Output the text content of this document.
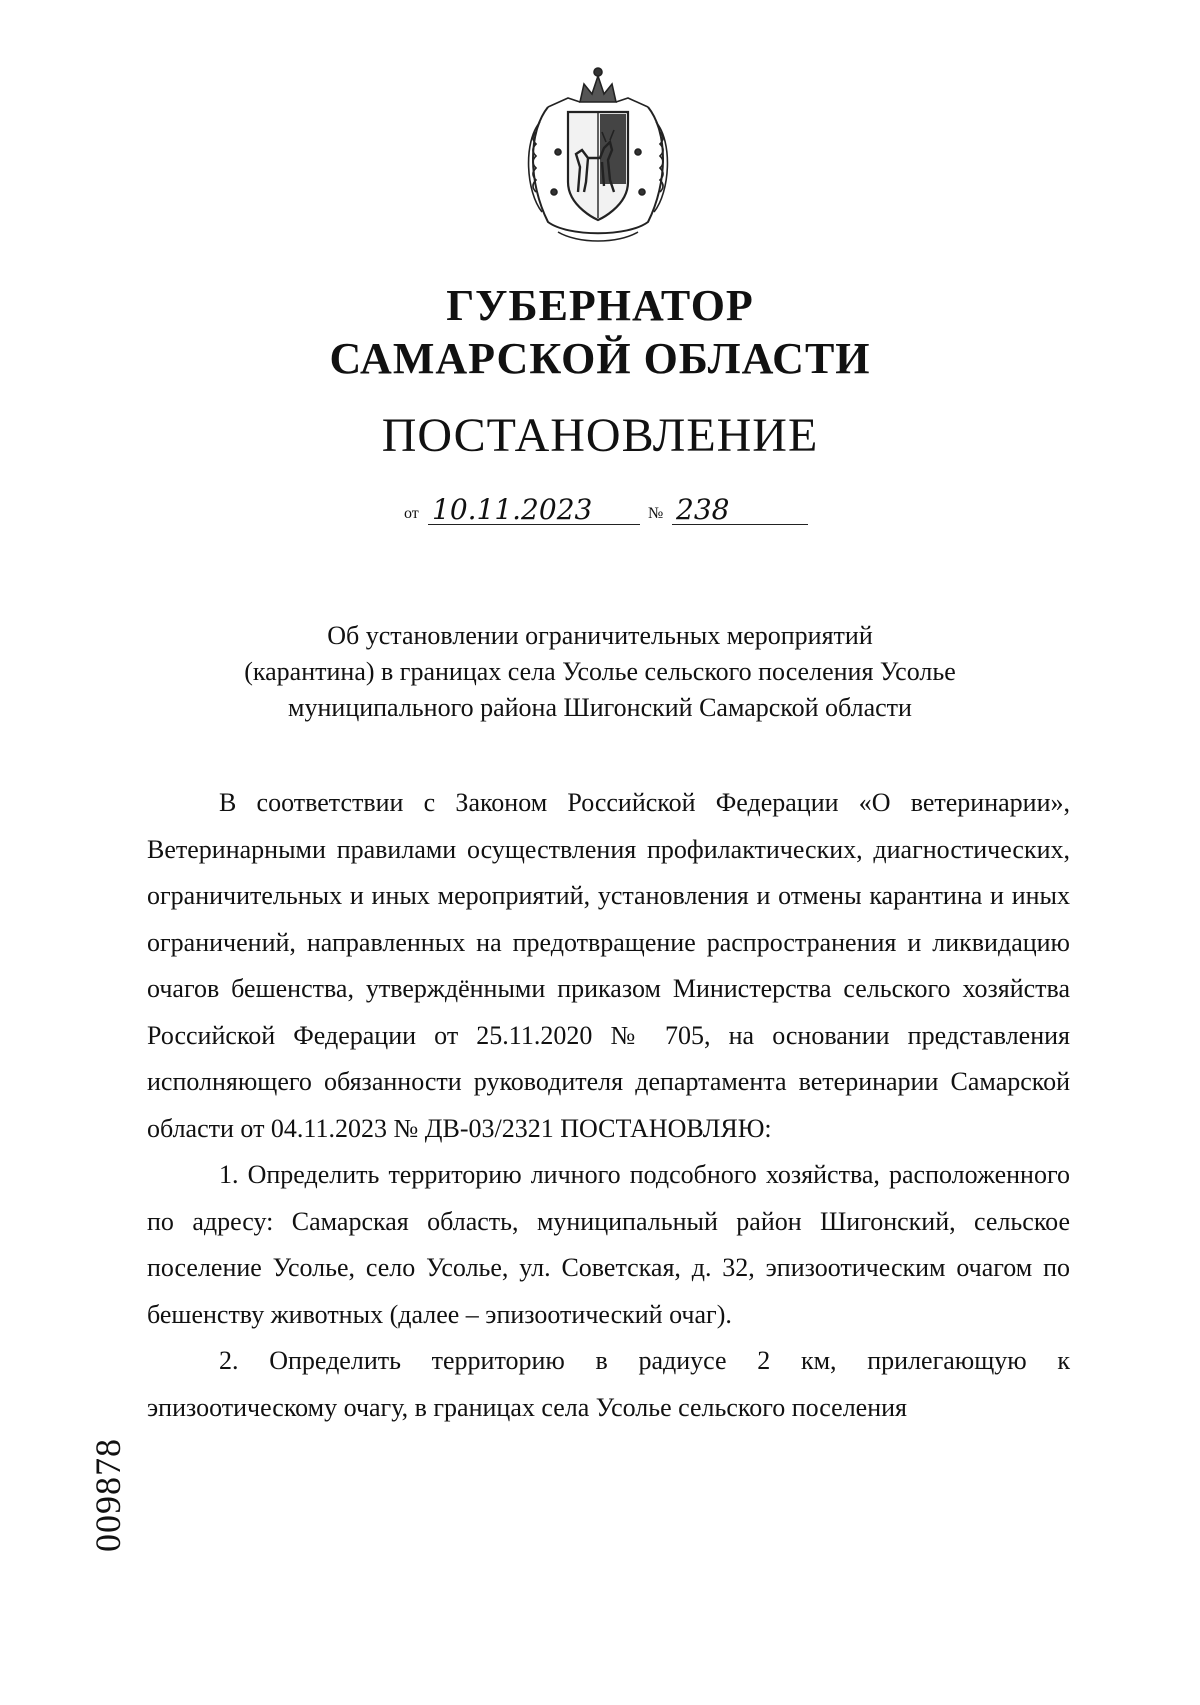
ГУБЕРНАТОР
САМАРСКОЙ ОБЛАСТИ
ПОСТАНОВЛЕНИЕ
от 10.11.2023	№ 238
Об установлении ограничительных мероприятий
(карантина) в границах села Усолье сельского поселения Усолье
муниципального района Шигонский Самарской области

В соответствии с Законом Российской Федерации «О ветеринарии», Ветеринарными правилами осуществления профилактических, диагностических, ограничительных и иных мероприятий, установления и отмены карантина и иных ограничений, направленных на предотвращение распространения и ликвидацию очагов бешенства, утверждёнными приказом Министерства сельского хозяйства Российской Федерации от 25.11.2020 № 705, на основании представления исполняющего обязанности руководителя департамента ветеринарии Самарской области от 04.11.2023 № ДВ-03/2321 ПОСТАНОВЛЯЮ:

1. Определить территорию личного подсобного хозяйства, расположенного по адресу: Самарская область, муниципальный район Шигонский, сельское поселение Усолье, село Усолье, ул. Советская, д. 32, эпизоотическим очагом по бешенству животных (далее – эпизоотический очаг).

2. Определить территорию в радиусе 2 км, прилегающую к эпизоотическому очагу, в границах села Усолье сельского поселения

009878
